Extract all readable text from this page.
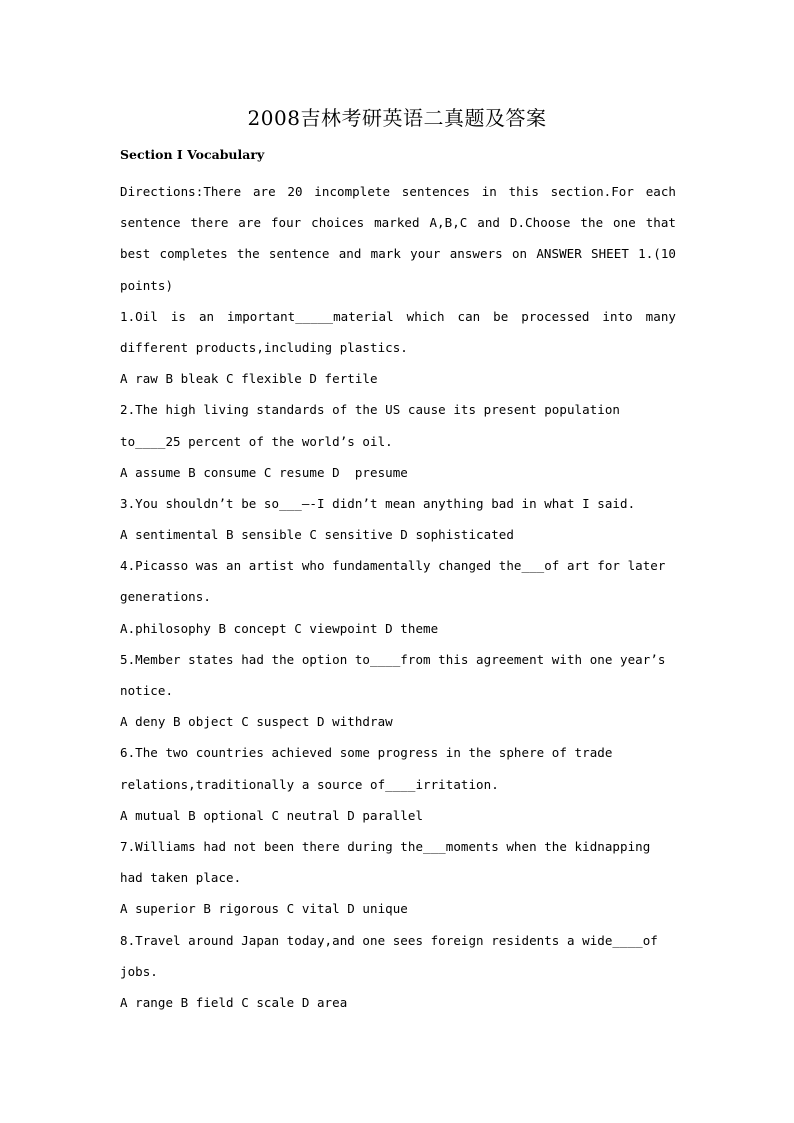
2008吉林考研英语二真题及答案
Section I Vocabulary
Directions:There are 20 incomplete sentences in this section.For each
sentence there are four choices marked A,B,C and D.Choose the one that
best completes the sentence and mark your answers on ANSWER SHEET 1.(10
points)
1.Oil is an important_____material which can be processed into many
different products,including plastics.
A raw B bleak C flexible D fertile
2.The high living standards of the US cause its present population
to____25 percent of the world’s oil.
A assume B consume C resume D  presume
3.You shouldn’t be so___—-I didn’t mean anything bad in what I said.
A sentimental B sensible C sensitive D sophisticated
4.Picasso was an artist who fundamentally changed the___of art for later
generations.
A.philosophy B concept C viewpoint D theme
5.Member states had the option to____from this agreement with one year’s
notice.
A deny B object C suspect D withdraw
6.The two countries achieved some progress in the sphere of trade
relations,traditionally a source of____irritation.
A mutual B optional C neutral D parallel
7.Williams had not been there during the___moments when the kidnapping
had taken place.
A superior B rigorous C vital D unique
8.Travel around Japan today,and one sees foreign residents a wide____of
jobs.
A range B field C scale D area
